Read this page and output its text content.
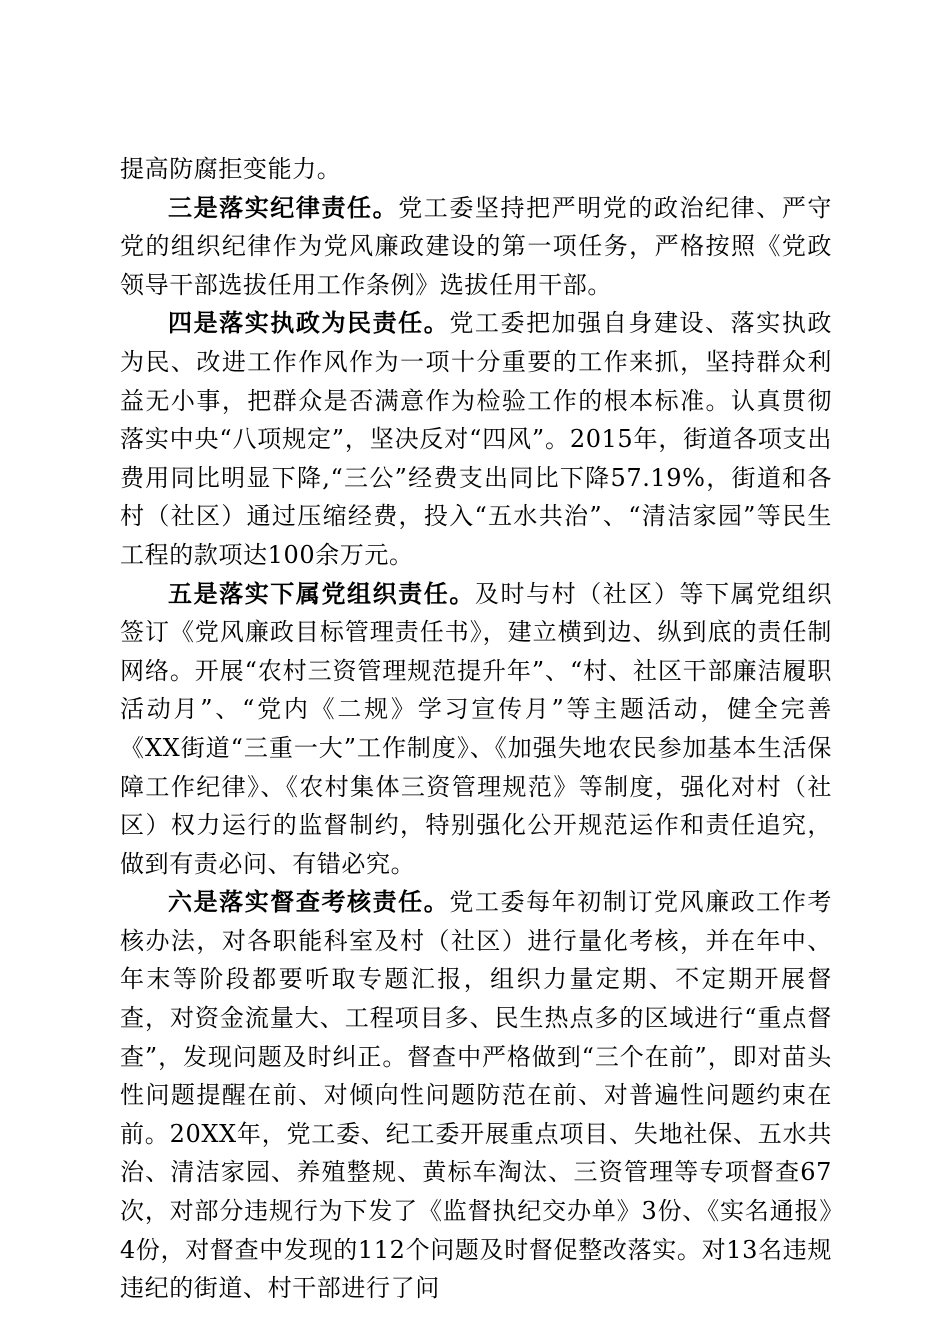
提高防腐拒变能力。

三是落实纪律责任。党工委坚持把严明党的政治纪律、严守党的组织纪律作为党风廉政建设的第一项任务，严格按照《党政领导干部选拔任用工作条例》选拔任用干部。

四是落实执政为民责任。党工委把加强自身建设、落实执政为民、改进工作作风作为一项十分重要的工作来抓，坚持群众利益无小事，把群众是否满意作为检验工作的根本标准。认真贯彻落实中央“八项规定”，坚决反对“四风”。2015年，街道各项支出费用同比明显下降,“三公”经费支出同比下降57.19%，街道和各村（社区）通过压缩经费，投入“五水共治”、“清洁家园”等民生工程的款项达100余万元。

五是落实下属党组织责任。及时与村（社区）等下属党组织签订《党风廉政目标管理责任书》，建立横到边、纵到底的责任制网络。开展“农村三资管理规范提升年”、“村、社区干部廉洁履职活动月”、“党内《二规》学习宣传月”等主题活动，健全完善《XX街道“三重一大”工作制度》、《加强失地农民参加基本生活保障工作纪律》、《农村集体三资管理规范》等制度，强化对村（社区）权力运行的监督制约，特别强化公开规范运作和责任追究，做到有责必问、有错必究。

六是落实督查考核责任。党工委每年初制订党风廉政工作考核办法，对各职能科室及村（社区）进行量化考核，并在年中、年末等阶段都要听取专题汇报，组织力量定期、不定期开展督查，对资金流量大、工程项目多、民生热点多的区域进行“重点督查”，发现问题及时纠正。督查中严格做到“三个在前”，即对苗头性问题提醒在前、对倾向性问题防范在前、对普遍性问题约束在前。20XX年，党工委、纪工委开展重点项目、失地社保、五水共治、清洁家园、养殖整规、黄标车淘汰、三资管理等专项督查67次，对部分违规行为下发了《监督执纪交办单》3份、《实名通报》4份，对督查中发现的112个问题及时督促整改落实。对13名违规违纪的街道、村干部进行了问
